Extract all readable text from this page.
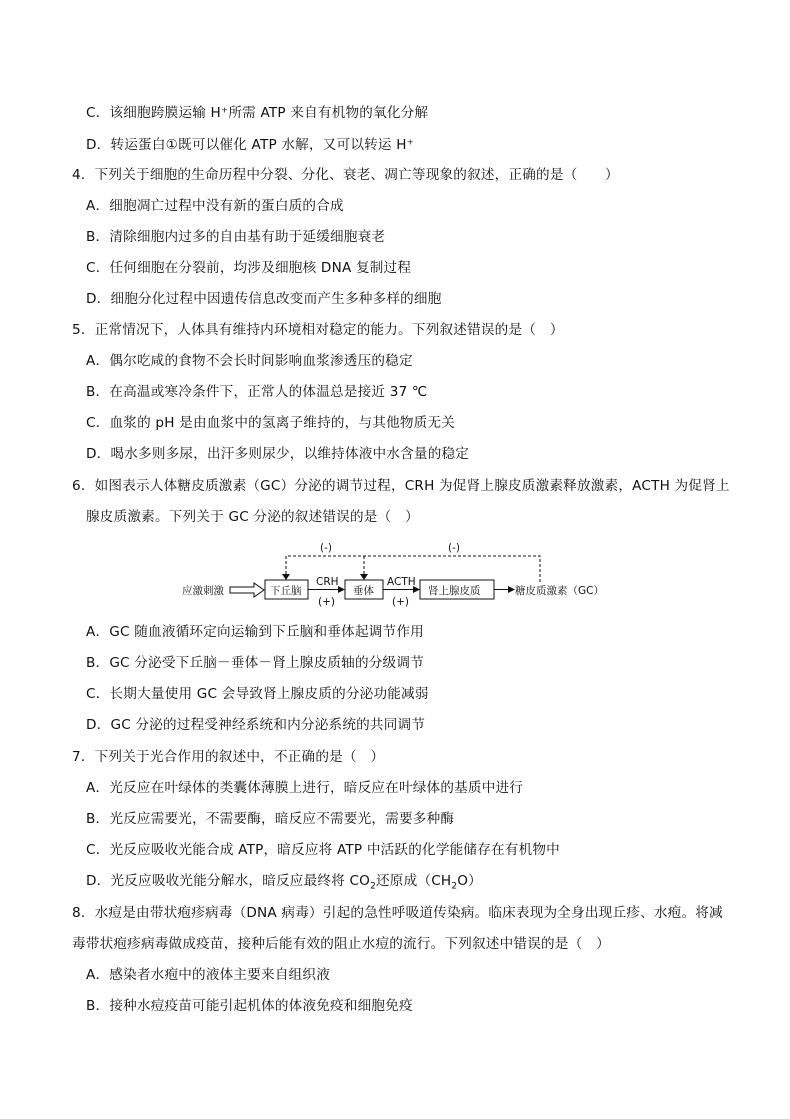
C．该细胞跨膜运输 H⁺所需 ATP 来自有机物的氧化分解
D．转运蛋白①既可以催化 ATP 水解，又可以转运 H⁺
4．下列关于细胞的生命历程中分裂、分化、衰老、凋亡等现象的叙述，正确的是（　　）
A．细胞凋亡过程中没有新的蛋白质的合成
B．清除细胞内过多的自由基有助于延缓细胞衰老
C．任何细胞在分裂前，均涉及细胞核 DNA 复制过程
D．细胞分化过程中因遗传信息改变而产生多种多样的细胞
5．正常情况下，人体具有维持内环境相对稳定的能力。下列叙述错误的是（　）
A．偶尔吃咸的食物不会长时间影响血浆渗透压的稳定
B．在高温或寒冷条件下，正常人的体温总是接近 37 ℃
C．血浆的 pH 是由血浆中的氢离子维持的，与其他物质无关
D．喝水多则多尿，出汗多则尿少，以维持体液中水含量的稳定
6．如图表示人体糖皮质激素（GC）分泌的调节过程，CRH 为促肾上腺皮质激素释放激素，ACTH 为促肾上
腺皮质激素。下列关于 GC 分泌的叙述错误的是（　）
应激刺激	下丘脑	垂体	肾上腺皮质
CRH
(+)
ACTH
(+)
糖皮质激素（GC）
(-)	(-)
A．GC 随血液循环定向运输到下丘脑和垂体起调节作用
B．GC 分泌受下丘脑－垂体－肾上腺皮质轴的分级调节
C．长期大量使用 GC 会导致肾上腺皮质的分泌功能减弱
D．GC 分泌的过程受神经系统和内分泌系统的共同调节
7．下列关于光合作用的叙述中，不正确的是（　）
A．光反应在叶绿体的类囊体薄膜上进行，暗反应在叶绿体的基质中进行
B．光反应需要光，不需要酶，暗反应不需要光，需要多种酶
C．光反应吸收光能合成 ATP，暗反应将 ATP 中活跃的化学能储存在有机物中
D．光反应吸收光能分解水，暗反应最终将 $CO_2$还原成$(CH_2O)$
8．水痘是由带状疱疹病毒（DNA 病毒）引起的急性呼吸道传染病。临床表现为全身出现丘疹、水疱。将减
毒带状疱疹病毒做成疫苗，接种后能有效的阻止水痘的流行。下列叙述中错误的是（　）
A．感染者水疱中的液体主要来自组织液
B．接种水痘疫苗可能引起机体的体液免疫和细胞免疫
